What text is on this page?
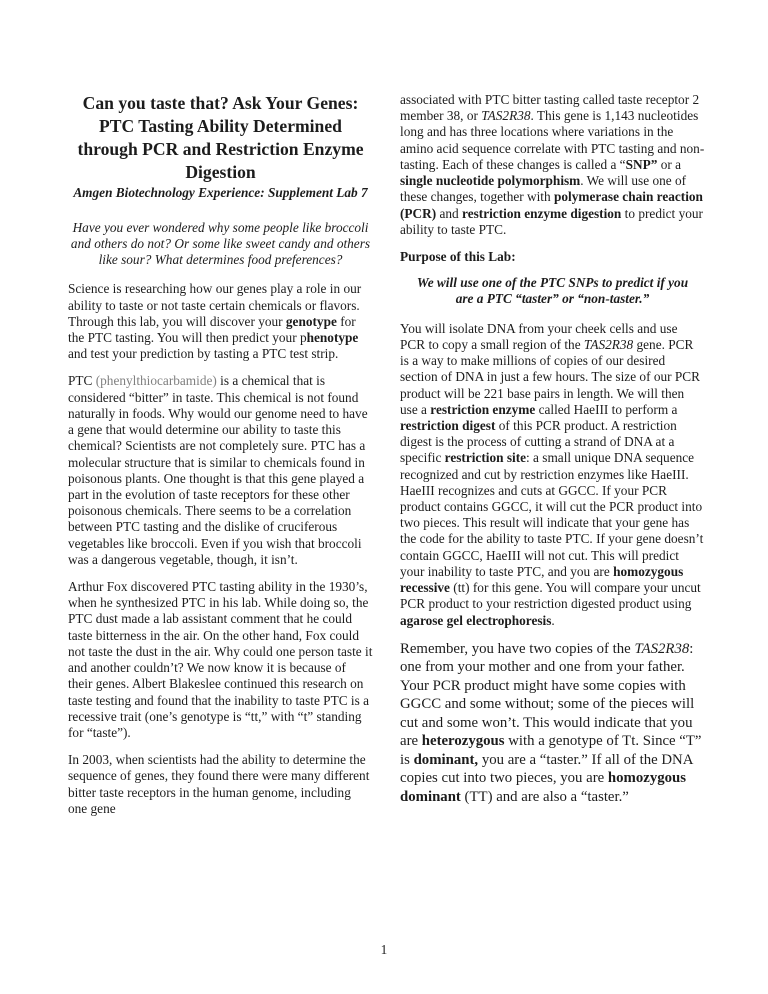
Can you taste that? Ask Your Genes: PTC Tasting Ability Determined through PCR and Restriction Enzyme Digestion
Amgen Biotechnology Experience: Supplement Lab 7
Have you ever wondered why some people like broccoli and others do not? Or some like sweet candy and others like sour? What determines food preferences?
Science is researching how our genes play a role in our ability to taste or not taste certain chemicals or flavors. Through this lab, you will discover your genotype for the PTC tasting. You will then predict your phenotype and test your prediction by tasting a PTC test strip.
PTC (phenylthiocarbamide) is a chemical that is considered “bitter” in taste. This chemical is not found naturally in foods. Why would our genome need to have a gene that would determine our ability to taste this chemical? Scientists are not completely sure. PTC has a molecular structure that is similar to chemicals found in poisonous plants. One thought is that this gene played a part in the evolution of taste receptors for these other poisonous chemicals. There seems to be a correlation between PTC tasting and the dislike of cruciferous vegetables like broccoli. Even if you wish that broccoli was a dangerous vegetable, though, it isn’t.
Arthur Fox discovered PTC tasting ability in the 1930’s, when he synthesized PTC in his lab. While doing so, the PTC dust made a lab assistant comment that he could taste bitterness in the air. On the other hand, Fox could not taste the dust in the air. Why could one person taste it and another couldn’t? We now know it is because of their genes. Albert Blakeslee continued this research on taste testing and found that the inability to taste PTC is a recessive trait (one’s genotype is “tt,” with “t” standing for “taste”).
In 2003, when scientists had the ability to determine the sequence of genes, they found there were many different bitter taste receptors in the human genome, including one gene
associated with PTC bitter tasting called taste receptor 2 member 38, or TAS2R38. This gene is 1,143 nucleotides long and has three locations where variations in the amino acid sequence correlate with PTC tasting and non-tasting. Each of these changes is called a “SNP” or a single nucleotide polymorphism. We will use one of these changes, together with polymerase chain reaction (PCR) and restriction enzyme digestion to predict your ability to taste PTC.
Purpose of this Lab:
We will use one of the PTC SNPs to predict if you are a PTC “taster” or “non-taster.”
You will isolate DNA from your cheek cells and use PCR to copy a small region of the TAS2R38 gene. PCR is a way to make millions of copies of our desired section of DNA in just a few hours. The size of our PCR product will be 221 base pairs in length. We will then use a restriction enzyme called HaeIII to perform a restriction digest of this PCR product. A restriction digest is the process of cutting a strand of DNA at a specific restriction site: a small unique DNA sequence recognized and cut by restriction enzymes like HaeIII. HaeIII recognizes and cuts at GGCC. If your PCR product contains GGCC, it will cut the PCR product into two pieces. This result will indicate that your gene has the code for the ability to taste PTC. If your gene doesn’t contain GGCC, HaeIII will not cut. This will predict your inability to taste PTC, and you are homozygous recessive (tt) for this gene. You will compare your uncut PCR product to your restriction digested product using agarose gel electrophoresis.
Remember, you have two copies of the TAS2R38: one from your mother and one from your father. Your PCR product might have some copies with GGCC and some without; some of the pieces will cut and some won’t. This would indicate that you are heterozygous with a genotype of Tt. Since “T” is dominant, you are a “taster.” If all of the DNA copies cut into two pieces, you are homozygous dominant (TT) and are also a “taster.”
1
